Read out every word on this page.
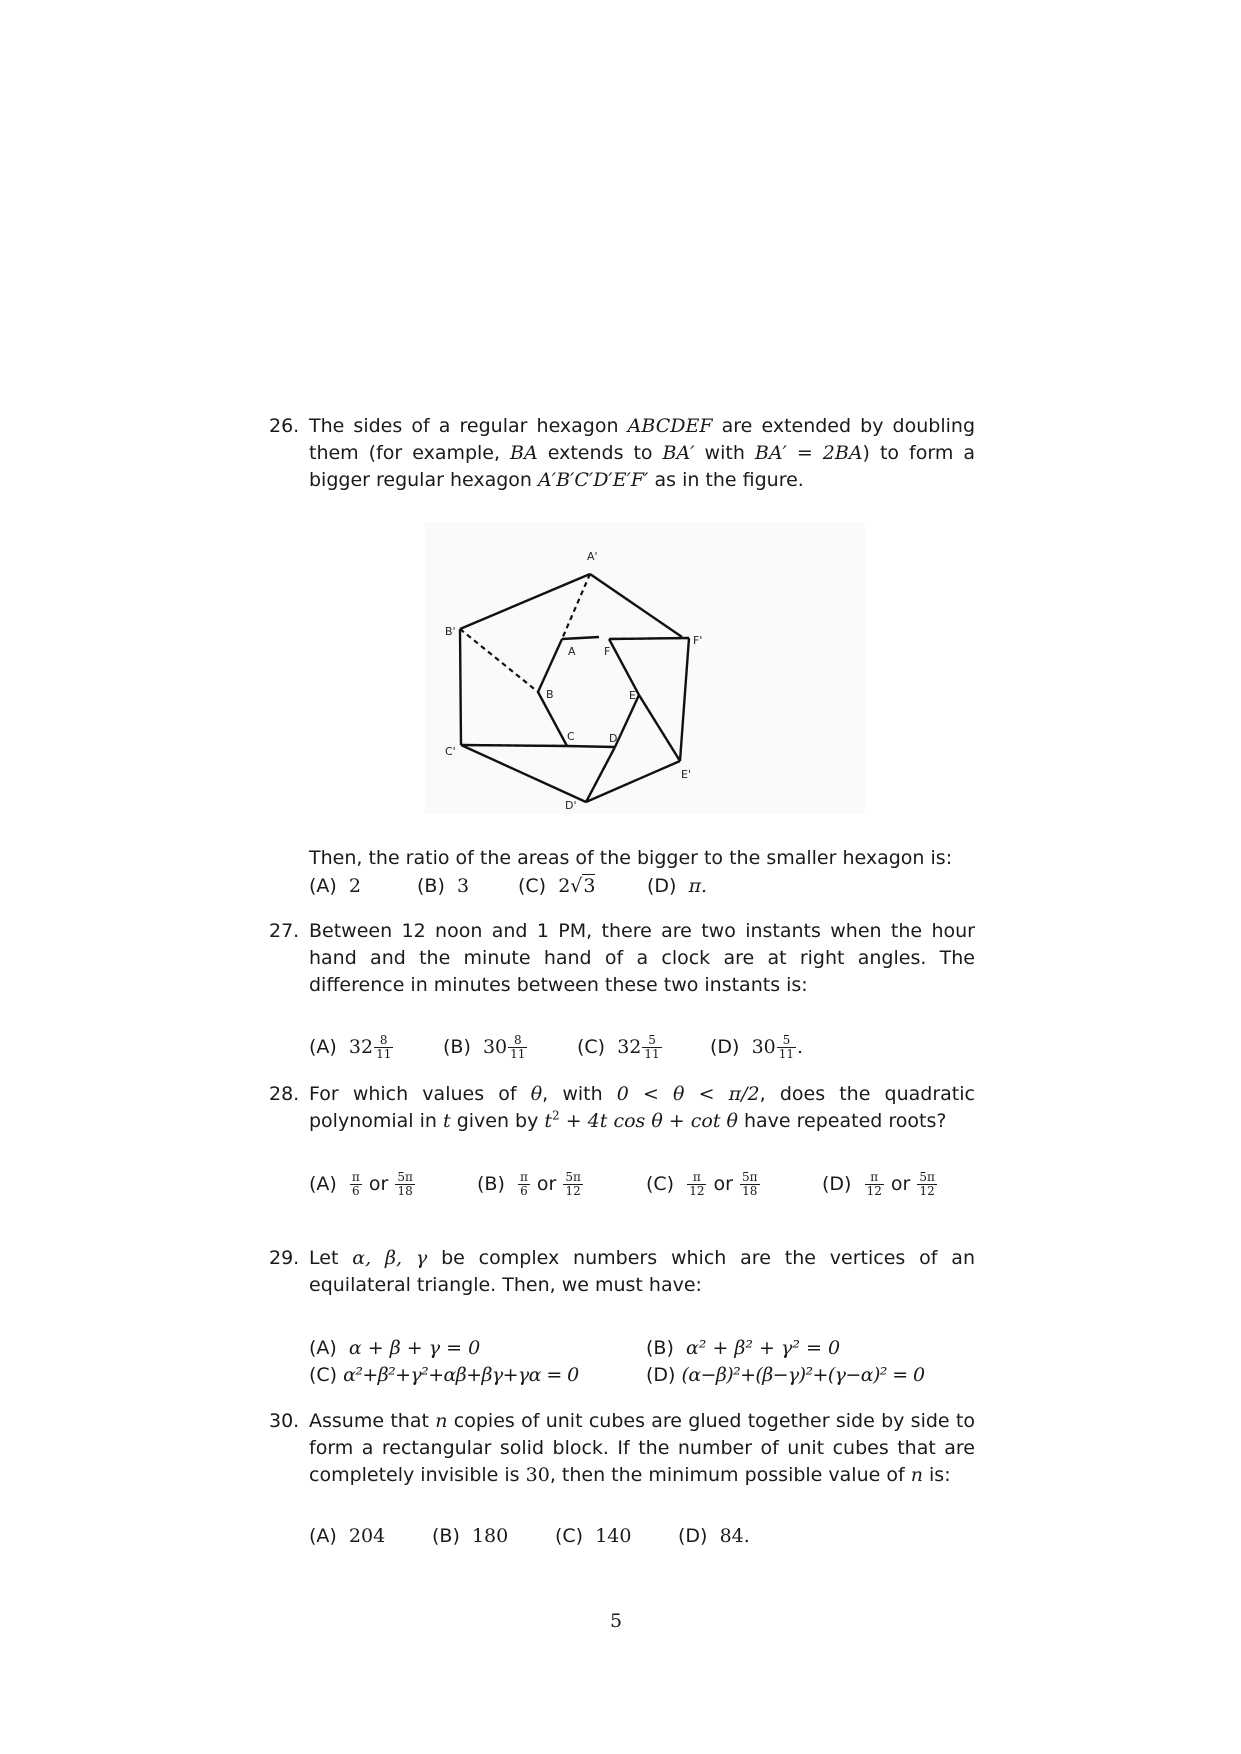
26. The sides of a regular hexagon ABCDEF are extended by doubling them (for example, BA extends to BA′ with BA′ = 2BA) to form a bigger regular hexagon A′B′C′D′E′F′ as in the figure.
A'
B'
C'
D'
E'
F'
A
B
C	D
E
F
Then, the ratio of the areas of the bigger to the smaller hexagon is:
(A) 2	(B) 3	(C) 2√3	(D) π.
27. Between 12 noon and 1 PM, there are two instants when the hour hand and the minute hand of a clock are at right angles. The difference in minutes between these two instants is:
(A) $32 \frac{8}{11}$	(B) $30 \frac{8}{11}$	(C) $32 \frac{5}{11}$	(D) $30 \frac{5}{11}$ .
28. For which values of θ, with 0 < θ < π/2, does the quadratic polynomial in t given by $t^2 + 4t$ cos θ + cot θ have repeated roots?
$(A) \frac{\pi}{6}$ or $\frac{5\pi}{18}$	$(B) \frac{\pi}{6}$ or $\frac{5\pi}{12}$	$(C) \frac{\pi}{12}$ or $\frac{5\pi}{18}$	$(D) \frac{\pi}{12}$ or $\frac{5\pi}{12}$
29. Let α, β, γ be complex numbers which are the vertices of an equilateral triangle. Then, we must have:
(A) α + β + γ = 0	(B) α² + β² + γ² = 0
(C) α²+β²+γ²+αβ+βγ+γα = 0	(D) (α−β)²+(β−γ)²+(γ−α)² = 0
30. Assume that n copies of unit cubes are glued together side by side to form a rectangular solid block. If the number of unit cubes that are completely invisible is 30, then the minimum possible value of n is:
(A) 204 (B) 180 (C) 140 (D) 84.
5
